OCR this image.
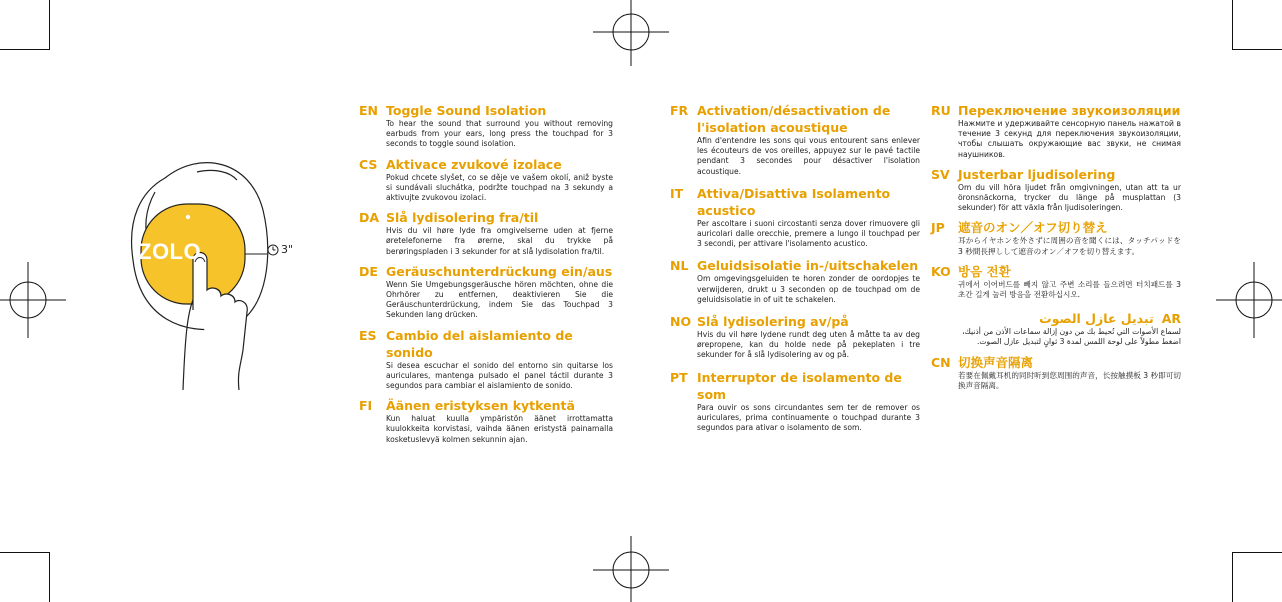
ZOLO	3"
EN Toggle Sound Isolation
To hear the sound that surround you without removing earbuds from your ears, long press the touchpad for 3 seconds to toggle sound isolation.
CS Aktivace zvukové izolace
Pokud chcete slyšet, co se děje ve vašem okolí, aniž byste si sundávali sluchátka, podržte touchpad na 3 sekundy a aktivujte zvukovou izolaci.
DA Slå lydisolering fra/til
Hvis du vil høre lyde fra omgivelserne uden at fjerne øretelefonerne fra ørerne, skal du trykke på berøringspladen i 3 sekunder for at slå lydisolation fra/til.
DE Geräuschunterdrückung ein/aus
Wenn Sie Umgebungsgeräusche hören möchten, ohne die Ohrhörer zu entfernen, deaktivieren Sie die Geräuschunterdrückung, indem Sie das Touchpad 3 Sekunden lang drücken.
ES Cambio del aislamiento de sonido
Si desea escuchar el sonido del entorno sin quitarse los auriculares, mantenga pulsado el panel táctil durante 3 segundos para cambiar el aislamiento de sonido.
FI	Äänen eristyksen kytkentä
Kun haluat kuulla ympäristön äänet irrottamatta kuulokkeita korvistasi, vaihda äänen eristystä painamalla kosketuslevyä kolmen sekunnin ajan.
FR Activation/désactivation de l'isolation acoustique
Afin d'entendre les sons qui vous entourent sans enlever les écouteurs de vos oreilles, appuyez sur le pavé tactile pendant 3 secondes pour désactiver l'isolation acoustique.
IT	Attiva/Disattiva Isolamento acustico
Per ascoltare i suoni circostanti senza dover rimuovere gli auricolari dalle orecchie, premere a lungo il touchpad per 3 secondi, per attivare l'isolamento acustico.
NL Geluidsisolatie in-/uitschakelen
Om omgevingsgeluiden te horen zonder de oordopjes te verwijderen, drukt u 3 seconden op de touchpad om de geluidsisolatie in of uit te schakelen.
NO Slå lydisolering av/på
Hvis du vil høre lydene rundt deg uten å måtte ta av deg ørepropene, kan du holde nede på pekeplaten i tre sekunder for å slå lydisolering av og på.
PT Interruptor de isolamento de som
Para ouvir os sons circundantes sem ter de remover os auriculares, prima continuamente o touchpad durante 3 segundos para ativar o isolamento de som.
RU Переключение звукоизоляции
Нажмите и удерживайте сенсорную панель нажатой в течение 3 секунд для переключения звукоизоляции, чтобы слышать окружающие вас звуки, не снимая наушников.
SV Justerbar ljudisolering
Om du vill höra ljudet från omgivningen, utan att ta ur öronsnäckorna, trycker du länge på musplattan (3 sekunder) för att växla från ljudisoleringen.
JP	遮音のオン／オフ切り替え
耳からイヤホンを外さずに周囲の音を聞くには、タッチパッドを 3 秒間長押しして遮音のオン／オフを切り替えます。
KO 방음 전환
귀에서 이어버드를 빼지 않고 주변 소리를 들으려면 터치패드를 3 초간 길게 눌러 방음을 전환하십시오.
تبديل عازل الصوت AR
لسماع الأصوات التي تُحيط بك من دون إزالة سماعات الأذن من أذنيك، اضغط مطولاً على لوحة اللمس لمدة 3 ثوانٍ لتبديل عازل الصوت.
CN 切换声音隔离
若要在佩戴耳机的同时听到您周围的声音，长按触摸板 3 秒即可切换声音隔离。
